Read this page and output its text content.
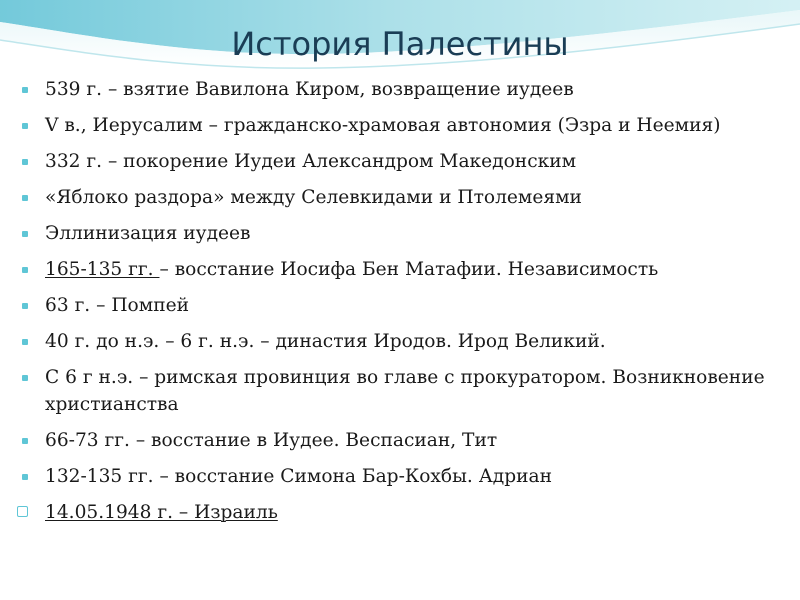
История Палестины
539 г. – взятие Вавилона Киром, возвращение иудеев
V в., Иерусалим – гражданско-храмовая автономия (Эзра и Неемия)
332 г. – покорение Иудеи Александром Македонским
«Яблоко раздора» между Селевкидами и Птолемеями
Эллинизация иудеев
165-135 гг. – восстание Иосифа Бен Матафии. Независимость
63 г. – Помпей
40 г. до н.э. – 6 г. н.э. – династия Иродов. Ирод Великий.
С 6 г н.э. – римская провинция во главе с прокуратором. Возникновение христианства
66-73 гг. – восстание в Иудее. Веспасиан, Тит
132-135 гг. – восстание Симона Бар-Кохбы. Адриан
14.05.1948 г. – Израиль
